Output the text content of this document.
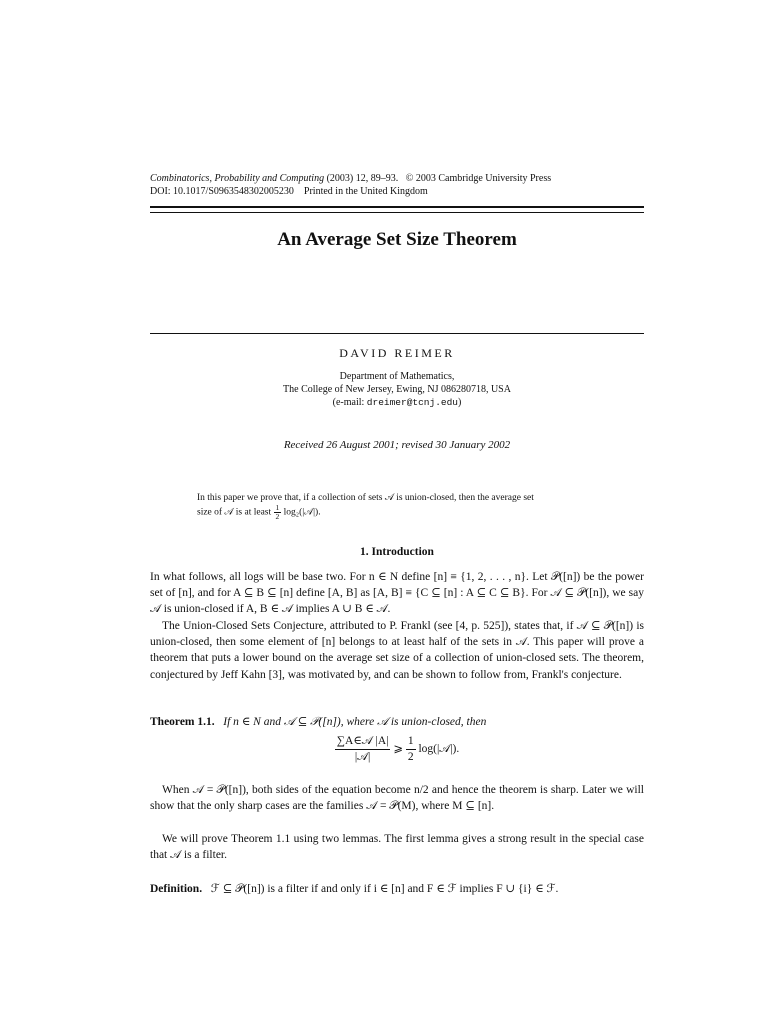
Combinatorics, Probability and Computing (2003) 12, 89–93. © 2003 Cambridge University Press
DOI: 10.1017/S0963548302005230 Printed in the United Kingdom
An Average Set Size Theorem
DAVID REIMER
Department of Mathematics,
The College of New Jersey, Ewing, NJ 086280718, USA
(e-mail: dreimer@tcnj.edu)
Received 26 August 2001; revised 30 January 2002
In this paper we prove that, if a collection of sets 𝒜 is union-closed, then the average set
size of 𝒜 is at least $\frac{1}{2}$ log₂(|𝒜|).
1. Introduction
In what follows, all logs will be base two. For n ∈ N define [n] ≡ {1, 2, . . . , n}. Let 𝒫([n]) be the power set of [n], and for A ⊆ B ⊆ [n] define [A, B] as [A, B] ≡ {C ⊆ [n] : A ⊆ C ⊆ B}. For 𝒜 ⊆ 𝒫([n]), we say 𝒜 is union-closed if A, B ∈ 𝒜 implies A ∪ B ∈ 𝒜.
The Union-Closed Sets Conjecture, attributed to P. Frankl (see [4, p. 525]), states that, if 𝒜 ⊆ 𝒫([n]) is union-closed, then some element of [n] belongs to at least half of the sets in 𝒜. This paper will prove a theorem that puts a lower bound on the average set size of a collection of union-closed sets. The theorem, conjectured by Jeff Kahn [3], was motivated by, and can be shown to follow from, Frankl's conjecture.
Theorem 1.1. If n ∈ N and 𝒜 ⊆ 𝒫([n]), where 𝒜 is union-closed, then
$\frac{\text{∑A∈𝒜 |A|}}{\text{|𝒜|}}$ ⩾ $\frac{1}{2}$ log(|𝒜|).
When 𝒜 = 𝒫([n]), both sides of the equation become n/2 and hence the theorem is sharp. Later we will show that the only sharp cases are the families 𝒜 = 𝒫(M), where M ⊆ [n].
We will prove Theorem 1.1 using two lemmas. The first lemma gives a strong result in the special case that 𝒜 is a filter.
Definition. ℱ ⊆ 𝒫([n]) is a filter if and only if i ∈ [n] and F ∈ ℱ implies F ∪ {i} ∈ ℱ.
